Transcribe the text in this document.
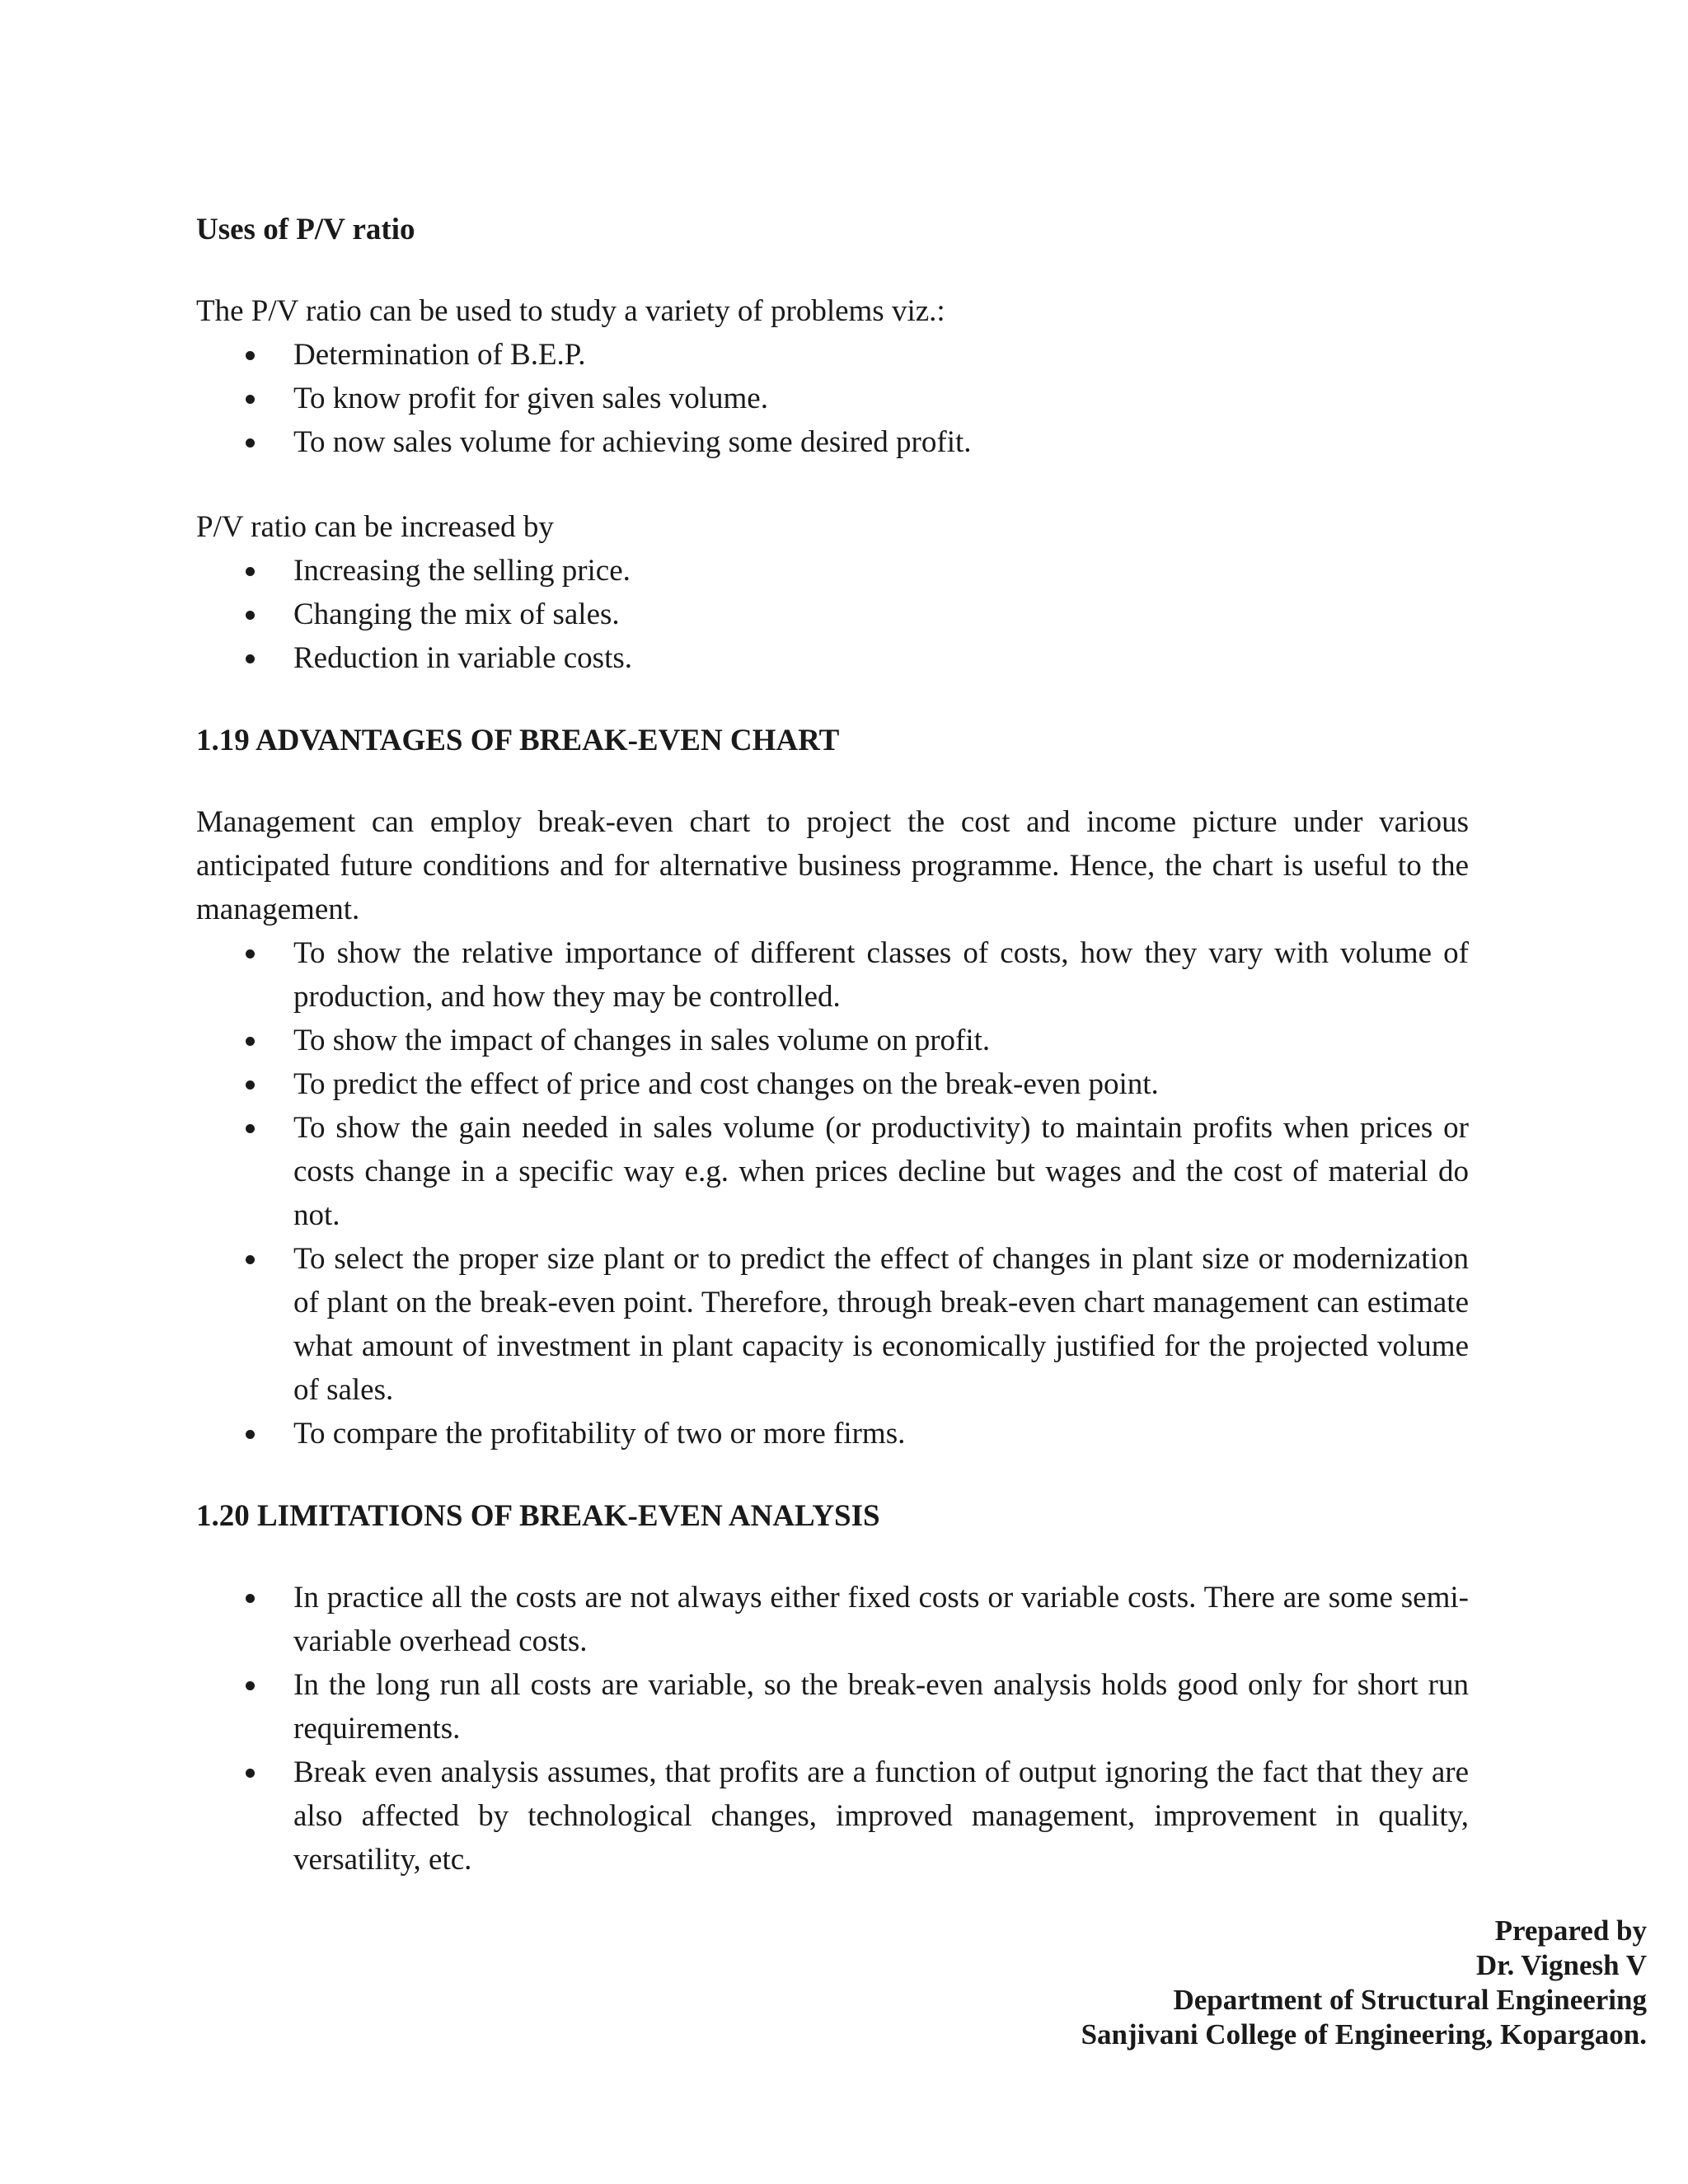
Uses of P/V ratio

The P/V ratio can be used to study a variety of problems viz.:

Determination of B.E.P.
To know profit for given sales volume.
To now sales volume for achieving some desired profit.

P/V ratio can be increased by

Increasing the selling price.
Changing the mix of sales.
Reduction in variable costs.
1.19 ADVANTAGES OF BREAK-EVEN CHART

Management can employ break-even chart to project the cost and income picture under various anticipated future conditions and for alternative business programme. Hence, the chart is useful to the management.

To show the relative importance of different classes of costs, how they vary with volume of production, and how they may be controlled.
To show the impact of changes in sales volume on profit.
To predict the effect of price and cost changes on the break-even point.
To show the gain needed in sales volume (or productivity) to maintain profits when prices or costs change in a specific way e.g. when prices decline but wages and the cost of material do not.
To select the proper size plant or to predict the effect of changes in plant size or modernization of plant on the break-even point. Therefore, through break-even chart management can estimate what amount of investment in plant capacity is economically justified for the projected volume of sales.
To compare the profitability of two or more firms.
1.20 LIMITATIONS OF BREAK-EVEN ANALYSIS
In practice all the costs are not always either fixed costs or variable costs. There are some semi-variable overhead costs.
In the long run all costs are variable, so the break-even analysis holds good only for short run requirements.
Break even analysis assumes, that profits are a function of output ignoring the fact that they are also affected by technological changes, improved management, improvement in quality, versatility, etc.
Prepared by
Dr. Vignesh V
Department of Structural Engineering
Sanjivani College of Engineering, Kopargaon.
